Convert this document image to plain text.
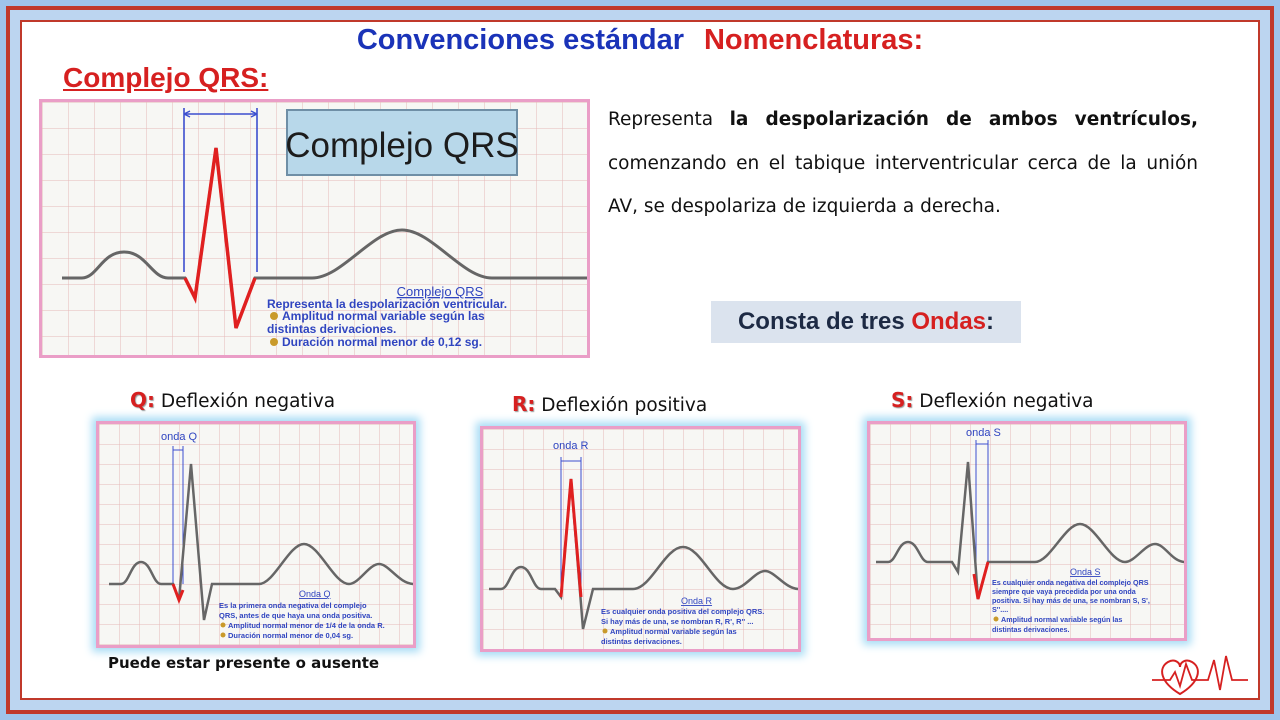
Convenciones estándar Nomenclaturas:
Complejo QRS:
Complejo QRS
Complejo QRS
Representa la despolarización ventricular.
Amplitud normal variable según las
distintas derivaciones.
Duración normal menor de 0,12 sg.
Representa la despolarización de ambos ventrículos, comenzando en el tabique interventricular cerca de la unión AV, se despolariza de izquierda a derecha.
Consta de tres Ondas:
Q: Deflexión negativa	R: Deflexión positiva	S: Deflexión negativa
onda Q
Onda Q
Es la primera onda negativa del complejo
QRS, antes de que haya una onda positiva.
Amplitud normal menor de 1/4 de la onda R.
Duración normal menor de 0,04 sg.
onda R
Onda R
Es cualquier onda positiva del complejo QRS.
Si hay más de una, se nombran R, R', R'' ...
Amplitud normal variable según las
distintas derivaciones.
onda S
Onda S
Es cualquier onda negativa del complejo QRS
siempre que vaya precedida por una onda
positiva. Si hay más de una, se nombran S, S',
S''....
Amplitud normal variable según las
distintas derivaciones.
Puede estar presente o ausente
